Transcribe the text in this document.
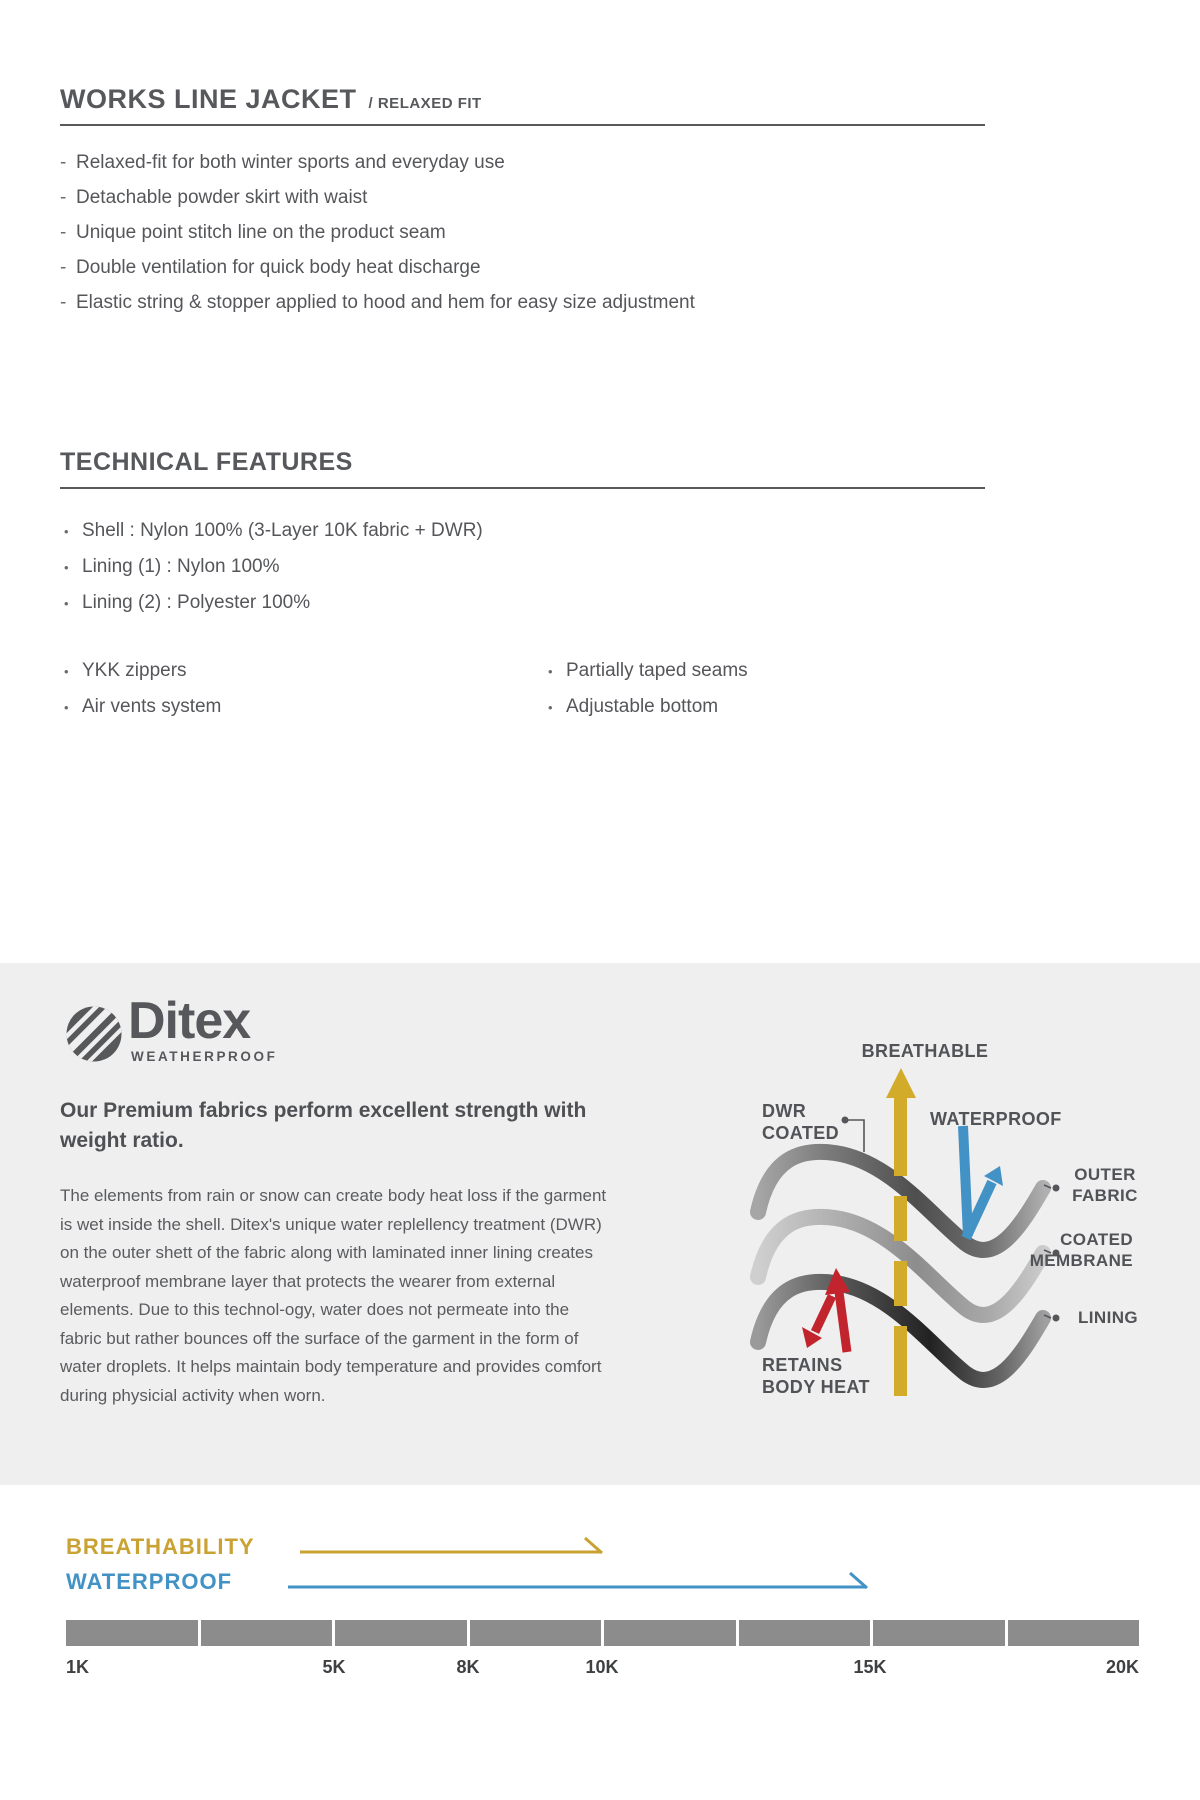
WORKS LINE JACKET / RELAXED FIT
- Relaxed-fit for both winter sports and everyday use
- Detachable powder skirt with waist
- Unique point stitch line on the product seam
- Double ventilation for quick body heat discharge
- Elastic string & stopper applied to hood and hem for easy size adjustment
TECHNICAL FEATURES
• Shell : Nylon 100% (3-Layer 10K fabric + DWR)
• Lining (1) : Nylon 100%
• Lining (2) : Polyester 100%
• YKK zippers
• Air vents system
• Partially taped seams
• Adjustable bottom
Ditex
WEATHERPROOF
Our Premium fabrics perform excellent strength with weight ratio.
The elements from rain or snow can create body heat loss if the garment is wet inside the shell. Ditex's unique water replellency treatment (DWR)  on the outer shett of the fabric along with laminated inner lining creates waterproof membrane layer that protects the wearer from external elements. Due to this technol-ogy, water does not permeate into the fabric but rather bounces off the surface of the garment in the form of water droplets. It helps maintain body temperature and provides comfort during physicial activity when worn.
BREATHABLE
DWR
COATED
WATERPROOF
OUTER
FABRIC
COATED
MEMBRANE
LINING
RETAINS
BODY HEAT
BREATHABILITY
WATERPROOF
1K	5K	8K	10K	15K	20K
